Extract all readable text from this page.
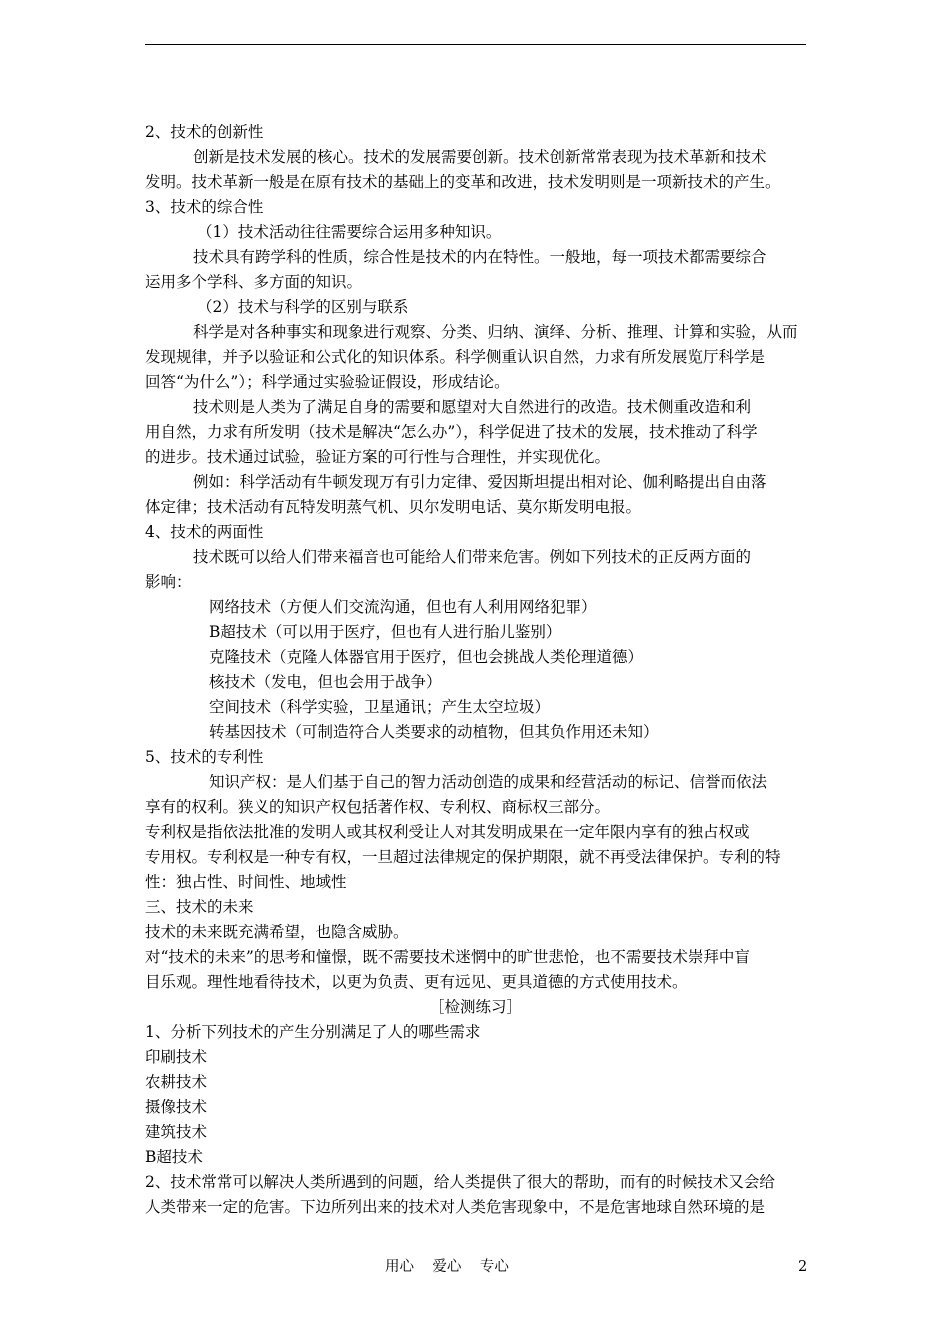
2、技术的创新性
创新是技术发展的核心。技术的发展需要创新。技术创新常常表现为技术革新和技术
发明。技术革新一般是在原有技术的基础上的变革和改进，技术发明则是一项新技术的产生。
3、技术的综合性
（1）技术活动往往需要综合运用多种知识。
技术具有跨学科的性质，综合性是技术的内在特性。一般地，每一项技术都需要综合
运用多个学科、多方面的知识。
（2）技术与科学的区别与联系
科学是对各种事实和现象进行观察、分类、归纳、演绎、分析、推理、计算和实验，从而
发现规律，并予以验证和公式化的知识体系。科学侧重认识自然，力求有所发展览厅科学是
回答“为什么”）；科学通过实验验证假设，形成结论。
技术则是人类为了满足自身的需要和愿望对大自然进行的改造。技术侧重改造和利
用自然，力求有所发明（技术是解决“怎么办”），科学促进了技术的发展，技术推动了科学
的进步。技术通过试验，验证方案的可行性与合理性，并实现优化。
例如：科学活动有牛顿发现万有引力定律、爱因斯坦提出相对论、伽利略提出自由落
体定律；技术活动有瓦特发明蒸气机、贝尔发明电话、莫尔斯发明电报。
4、技术的两面性
技术既可以给人们带来福音也可能给人们带来危害。例如下列技术的正反两方面的
影响：
网络技术（方便人们交流沟通，但也有人利用网络犯罪）
B超技术（可以用于医疗，但也有人进行胎儿鉴别）
克隆技术（克隆人体器官用于医疗，但也会挑战人类伦理道德）
核技术（发电，但也会用于战争）
空间技术（科学实验，卫星通讯；产生太空垃圾）
转基因技术（可制造符合人类要求的动植物，但其负作用还未知）
5、技术的专利性
知识产权：是人们基于自己的智力活动创造的成果和经营活动的标记、信誉而依法
享有的权利。狭义的知识产权包括著作权、专利权、商标权三部分。
专利权是指依法批准的发明人或其权利受让人对其发明成果在一定年限内享有的独占权或
专用权。专利权是一种专有权，一旦超过法律规定的保护期限，就不再受法律保护。专利的特
性：独占性、时间性、地域性
三、技术的未来
技术的未来既充满希望，也隐含威胁。
对“技术的未来”的思考和憧憬，既不需要技术迷惘中的旷世悲怆，也不需要技术崇拜中盲
目乐观。理性地看待技术，以更为负责、更有远见、更具道德的方式使用技术。
［检测练习］
1、分析下列技术的产生分别满足了人的哪些需求
印刷技术
农耕技术
摄像技术
建筑技术
B超技术
2、技术常常可以解决人类所遇到的问题，给人类提供了很大的帮助，而有的时候技术又会给
人类带来一定的危害。下边所列出来的技术对人类危害现象中，不是危害地球自然环境的是
用心    爱心    专心	2
